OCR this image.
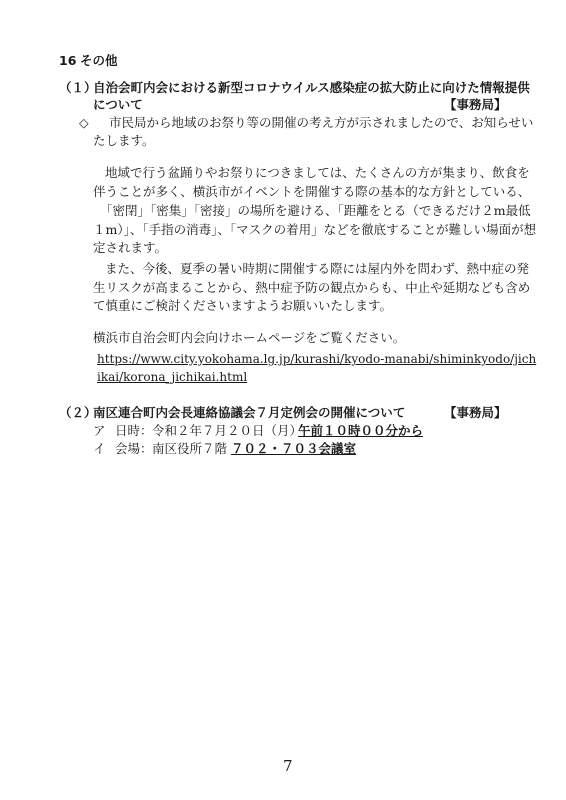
16 その他
（１）
自治会町内会における新型コロナウイルス感染症の拡大防止に向けた情報提供
について	【事務局】
◇ 市民局から地域のお祭り等の開催の考え方が示されましたので、お知らせい
たします。
地域で行う盆踊りやお祭りにつきましては、たくさんの方が集まり、飲食を
伴うことが多く、横浜市がイベントを開催する際の基本的な方針としている、
「密閉」「密集」「密接」の場所を避ける、「距離をとる（できるだけ２m最低
１m）」、「手指の消毒」、「マスクの着用」などを徹底することが難しい場面が想
定されます。
また、今後、夏季の暑い時期に開催する際には屋内外を問わず、熱中症の発
生リスクが高まることから、熱中症予防の観点からも、中止や延期なども含め
て慎重にご検討くださいますようお願いいたします。
横浜市自治会町内会向けホームページをご覧ください。
https://www.city.yokohama.lg.jp/kurashi/kyodo-manabi/shiminkyodo/jich
ikai/korona_jichikai.html
（２）
南区連合町内会長連絡協議会７月定例会の開催について	【事務局】
ア 日時： 令和２年７月２０日（月）
午前１０時００分から
イ 会場： 南区役所７階 ７０２・７０３会議室
7
